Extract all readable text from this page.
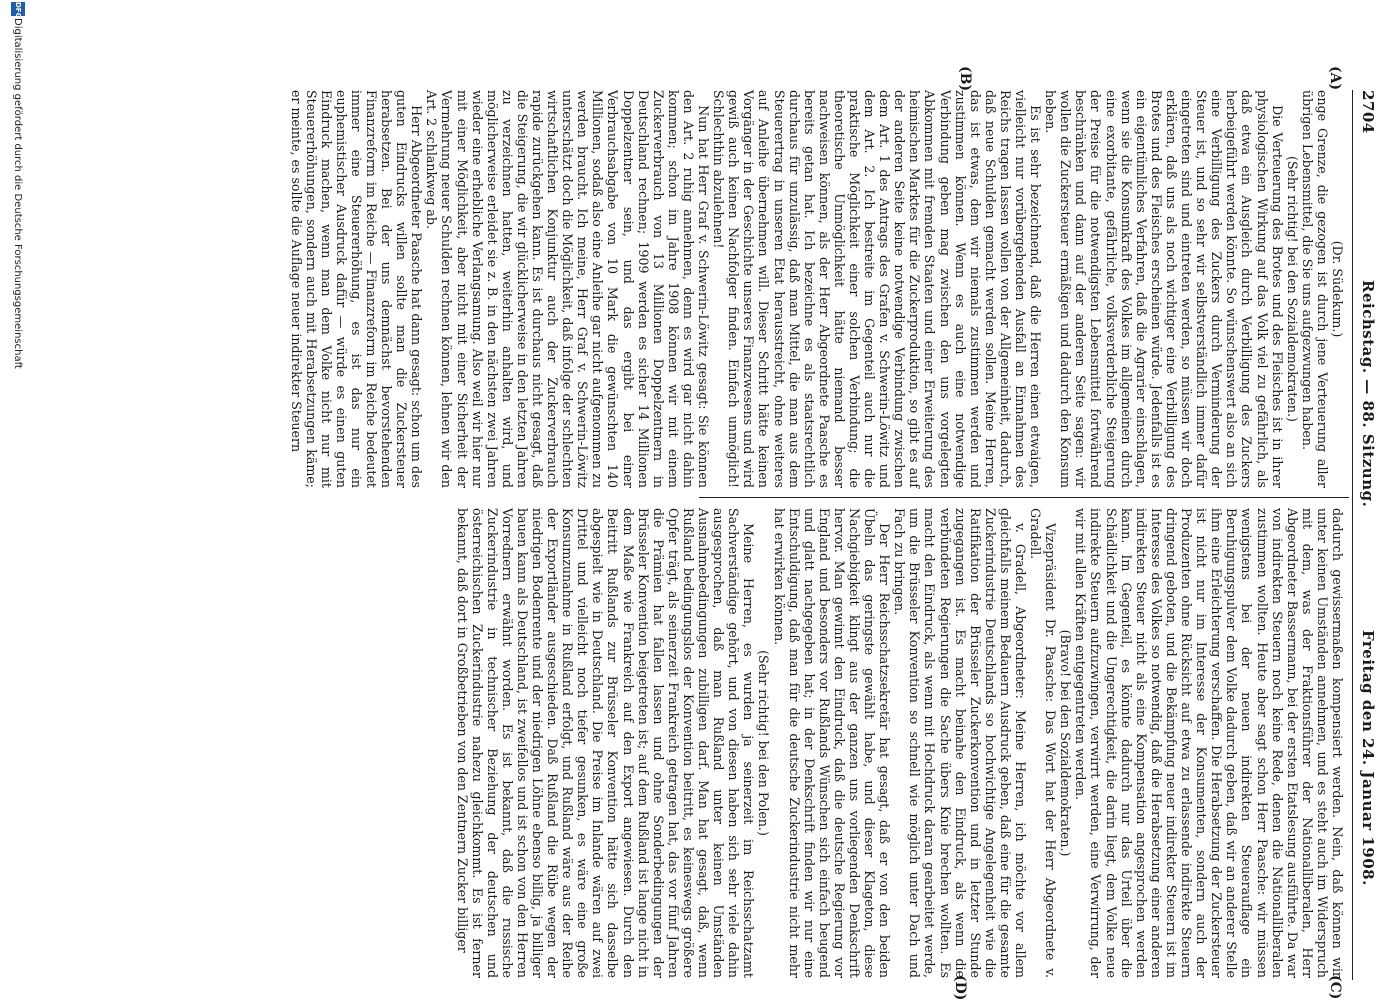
2704
Reichstag. — 88. Sitzung.
Freitag den 24. Januar 1908.
(A)
(B)
(C)
(D)

(Dr. Südekum.)

enge Grenze, die gezogen ist durch jene Verteuerung aller übrigen Lebensmittel, die Sie uns aufgezwungen haben.

(Sehr richtig! bei den Sozialdemokraten.)

Die Verteuerung des Brotes und des Fleisches ist in ihrer physiologischen Wirkung auf das Volk viel zu gefährlich, als daß etwa ein Ausgleich durch Verbilligung des Zuckers herbeigeführt werden könnte. So wünschenswert also an sich eine Verbilligung des Zuckers durch Verminderung der Steuer ist, und so sehr wir selbstverständlich immer dafür eingetreten sind und eintreten werden, so müssen wir doch erklären, daß uns als noch wichtiger eine Verbilligung des Brotes und des Fleisches erscheinen würde. Jedenfalls ist es ein eigentümliches Verfahren, daß die Agrarier einschlagen, wenn sie die Konsumkraft des Volkes im allgemeinen durch eine exorbitante, gefährliche, volksverderbliche Steigerung der Preise für die notwendigsten Lebensmittel fortwährend beschränken und dann auf der anderen Seite sagen: wir wollen die Zuckersteuer ermäßigen und dadurch den Konsum heben.

Es ist sehr bezeichnend, daß die Herren einen etwaigen, vielleicht nur vorübergehenden Ausfall an Einnahmen des Reichs tragen lassen wollen von der Allgemeinheit, dadurch, daß neue Schulden gemacht werden sollen. Meine Herren, das ist etwas, dem wir niemals zustimmen werden und zustimmen können. Wenn es auch eine notwendige Verbindung geben mag zwischen den uns vorgelegten Abkommen mit fremden Staaten und einer Erweiterung des heimischen Marktes für die Zuckerproduktion, so gibt es auf der anderen Seite keine notwendige Verbindung zwischen dem Art. 1 des Antrags des Grafen v. Schwerin-Löwitz und dem Art. 2. Ich bestreite im Gegenteil auch nur die praktische Möglichkeit einer solchen Verbindung; die theoretische Unmöglichkeit hätte niemand besser nachweisen können, als der Herr Abgeordnete Paasche es bereits getan hat. Ich bezeichne es als staatsrechtlich durchaus für unzulässig, daß man Mittel, die man aus dem Steuerertrag in unseren Etat herausstreicht, ohne weiteres auf Anleihe übernehmen will. Dieser Schritt hätte keinen Vorgänger in der Geschichte unseres Finanzwesens und wird gewiß auch keinen Nachfolger finden. Einfach unmöglich! Schlechthin abzulehnen!

Nun hat Herr Graf v. Schwerin-Löwitz gesagt: Sie können den Art. 2 ruhig annehmen, denn es wird gar nicht dahin kommen; schon im Jahre 1908 können wir mit einem Zuckerverbrauch von 13 Millionen Doppelzentnern in Deutschland rechnen; 1909 werden es sicher 14 Millionen Doppelzentner sein, und das ergibt bei einer Verbrauchsabgabe von 10 Mark die gewünschten 140 Millionen, sodaß also eine Anleihe gar nicht aufgenommen zu werden braucht. Ich meine, Herr Graf v. Schwerin-Löwitz unterschätzt doch die Möglichkeit, daß infolge der schlechten wirtschaftlichen Konjunktur auch der Zuckerverbrauch rapide zurückgehen kann. Es ist durchaus nicht gesagt, daß die Steigerung, die wir glücklicherweise in den letzten Jahren zu verzeichnen hatten, weiterhin anhalten wird, und möglicherweise erleidet sie z. B. in den nächsten zwei Jahren wieder eine erhebliche Verlangsamung. Also weil wir hier nur mit einer Möglichkeit, aber nicht mit einer Sicherheit der Vermehrung neuer Schulden rechnen können, lehnen wir den Art. 2 schlankweg ab.

Herr Abgeordneter Paasche hat dann gesagt: schon um des guten Eindrucks willen sollte man die Zuckersteuer herabsetzen. Bei der uns demnächst bevorstehenden Finanzreform im Reiche — Finanzreform im Reiche bedeutet immer eine Steuererhöhung, es ist das nur ein euphemistischer Ausdruck dafür — würde es einen guten Eindruck machen, wenn man dem Volke nicht nur mit Steuererhöhungen, sondern auch mit Herabsetzungen käme; er meinte, es sollte die Auflage neuer indirekter Steuern

dadurch gewissermaßen kompensiert werden. Nein, daß können wir unter keinen Umständen annehmen, und es steht auch im Widerspruch mit dem, was der Fraktionsführer der Nationalliberalen, Herr Abgeordneter Bassermann, bei der ersten Etatslesung ausführte. Da war von indirekten Steuern noch keine Rede, denen die Nationalliberalen zustimmen wollten. Heute aber sagt schon Herr Paasche: wir müssen wenigstens bei der neuen indirekten Steuerauflage ein Beruhigungspulver dem Volke dadurch geben, daß wir an anderer Stelle ihm eine Erleichterung verschaffen. Die Herabsetzung der Zuckersteuer ist nicht nur im Interesse der Konsumenten, sondern auch der Produzenten ohne Rücksicht auf etwa zu erlassende indirekte Steuern dringend geboten, und die Bekämpfung neuer indirekter Steuern ist im Interesse des Volkes so notwendig, daß die Herabsetzung einer anderen indirekten Steuer nicht als eine Kompensation angesprochen werden kann. Im Gegenteil, es könnte dadurch nur das Urteil über die Schädlichkeit und die Ungerechtigkeit, die darin liegt, dem Volke neue indirekte Steuern aufzuzwingen, verwirrt werden, eine Verwirrung, der wir mit allen Kräften entgegentreten werden.

(Bravo! bei den Sozialdemokraten.)

Vizepräsident Dr. Paasche: Das Wort hat der Herr Abgeordnete v. Gradell.

v. Gradell, Abgeordneter: Meine Herren, ich möchte vor allem gleichfalls meinem Bedauern Ausdruck geben, daß eine für die gesamte Zuckerindustrie Deutschlands so hochwichtige Angelegenheit wie die Ratifikation der Brüsseler Zuckerkonvention und in letzter Stunde zugegangen ist. Es macht beinahe den Eindruck, als wenn die verbündeten Regierungen die Sache übers Knie brechen wollten. Es macht den Eindruck, als wenn mit Hochdruck daran gearbeitet werde, um die Brüsseler Konvention so schnell wie möglich unter Dach und Fach zu bringen.

Der Herr Reichsschatzsekretär hat gesagt, daß er von den beiden Übeln das geringste gewählt habe, und dieser Klageton, diese Nachgiebigkeit klingt aus der ganzen uns vorliegenden Denkschrift hervor. Man gewinnt den Eindruck, daß die deutsche Regierung vor England und besonders vor Rußlands Wünschen sich einfach beugend und glatt nachgegeben hat; in der Denkschrift finden wir nur eine Entschuldigung, daß man für die deutsche Zuckerindustrie nicht mehr hat erwirken können.

(Sehr richtig! bei den Polen.)

Meine Herren, es wurden ja seinerzeit im Reichsschatzamt Sachverständige gehört, und von diesen haben sich sehr viele dahin ausgesprochen, daß man Rußland unter keinen Umständen Ausnahmebedingungen zubilligen darf. Man hat gesagt, daß, wenn Rußland bedingungslos der Konvention beitritt, es keineswegs größere Opfer trägt, als seinerzeit Frankreich getragen hat, das vor fünf Jahren die Prämien hat fallen lassen und ohne Sonderbedingungen der Brüsseler Konvention beigetreten ist; auf dem Rußland ist lange nicht in dem Maße wie Frankreich auf den Export angewiesen. Durch den Beitritt Rußlands zur Brüsseler Konvention hätte sich dasselbe abgespielt wie in Deutschland. Die Preise im Inlande wären auf zwei Drittel und vielleicht noch tiefer gesunken, es wäre eine große Konsumzunahme in Rußland erfolgt, und Rußland wäre aus der Reihe der Exportländer ausgeschieden. Daß Rußland die Rübe wegen der niedrigen Bodenrente und der niedrigen Löhne ebenso billig, ja billiger bauen kann als Deutschland, ist zweifellos und ist schon von den Herren Vorrednern erwähnt worden. Es ist bekannt, daß die russische Zuckerindustrie in technischer Beziehung der deutschen und österreichischen Zuckerindustrie nahezu gleichkommt. Es ist ferner bekannt, daß dort in Großbetrieben von den Zentnern Zucker billiger

DFG
Digitalisierung gefördert durch die Deutsche Forschungsgemeinschaft
